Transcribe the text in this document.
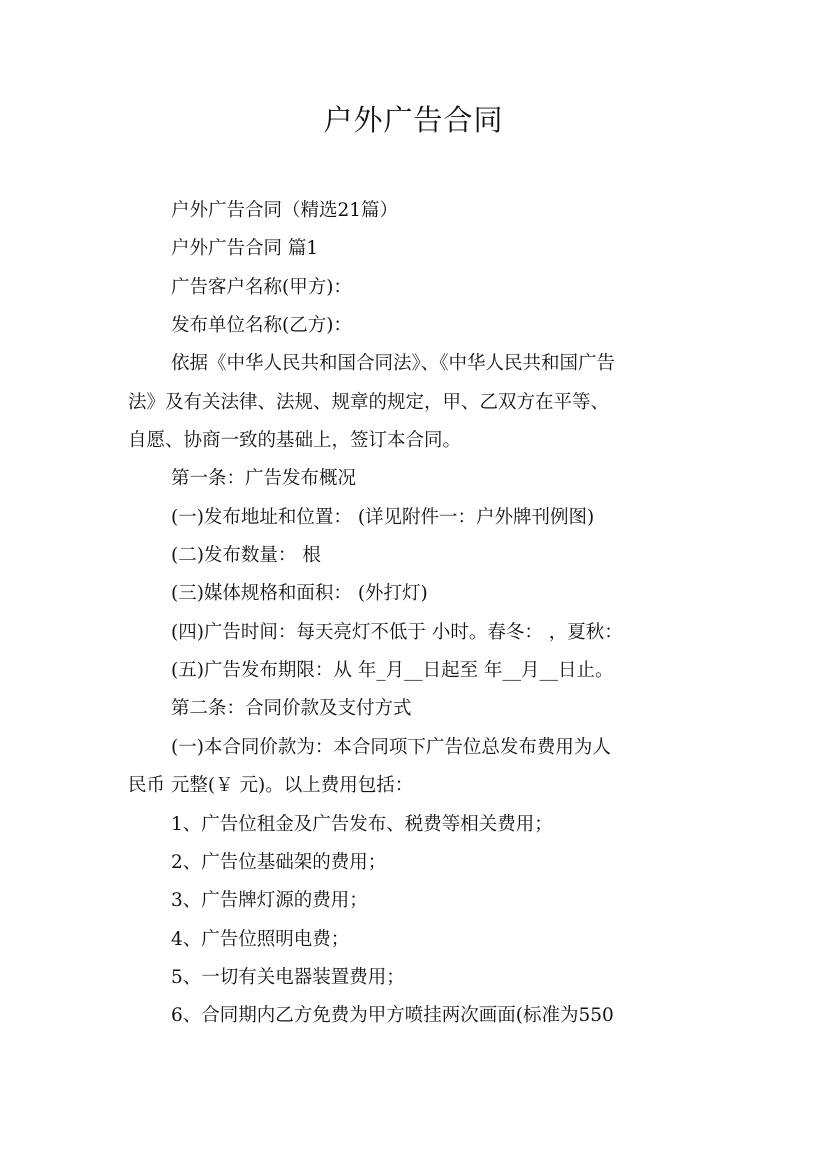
户外广告合同

户外广告合同（精选21篇）

户外广告合同 篇1

广告客户名称(甲方)：

发布单位名称(乙方)：

依据《中华人民共和国合同法》、《中华人民共和国广告

法》及有关法律、法规、规章的规定，甲、乙双方在平等、

自愿、协商一致的基础上，签订本合同。

第一条：广告发布概况

(一)发布地址和位置： (详见附件一：户外牌刊例图)

(二)发布数量： 根

(三)媒体规格和面积： (外打灯)

(四)广告时间：每天亮灯不低于 小时。春冬： ，夏秋：

(五)广告发布期限：从 年_月__日起至 年__月__日止。

第二条：合同价款及支付方式

(一)本合同价款为：本合同项下广告位总发布费用为人

民币 元整(￥ 元)。以上费用包括：

1、广告位租金及广告发布、税费等相关费用；

2、广告位基础架的费用；

3、广告牌灯源的费用；

4、广告位照明电费；

5、一切有关电器装置费用；

6、合同期内乙方免费为甲方喷挂两次画面(标准为550
